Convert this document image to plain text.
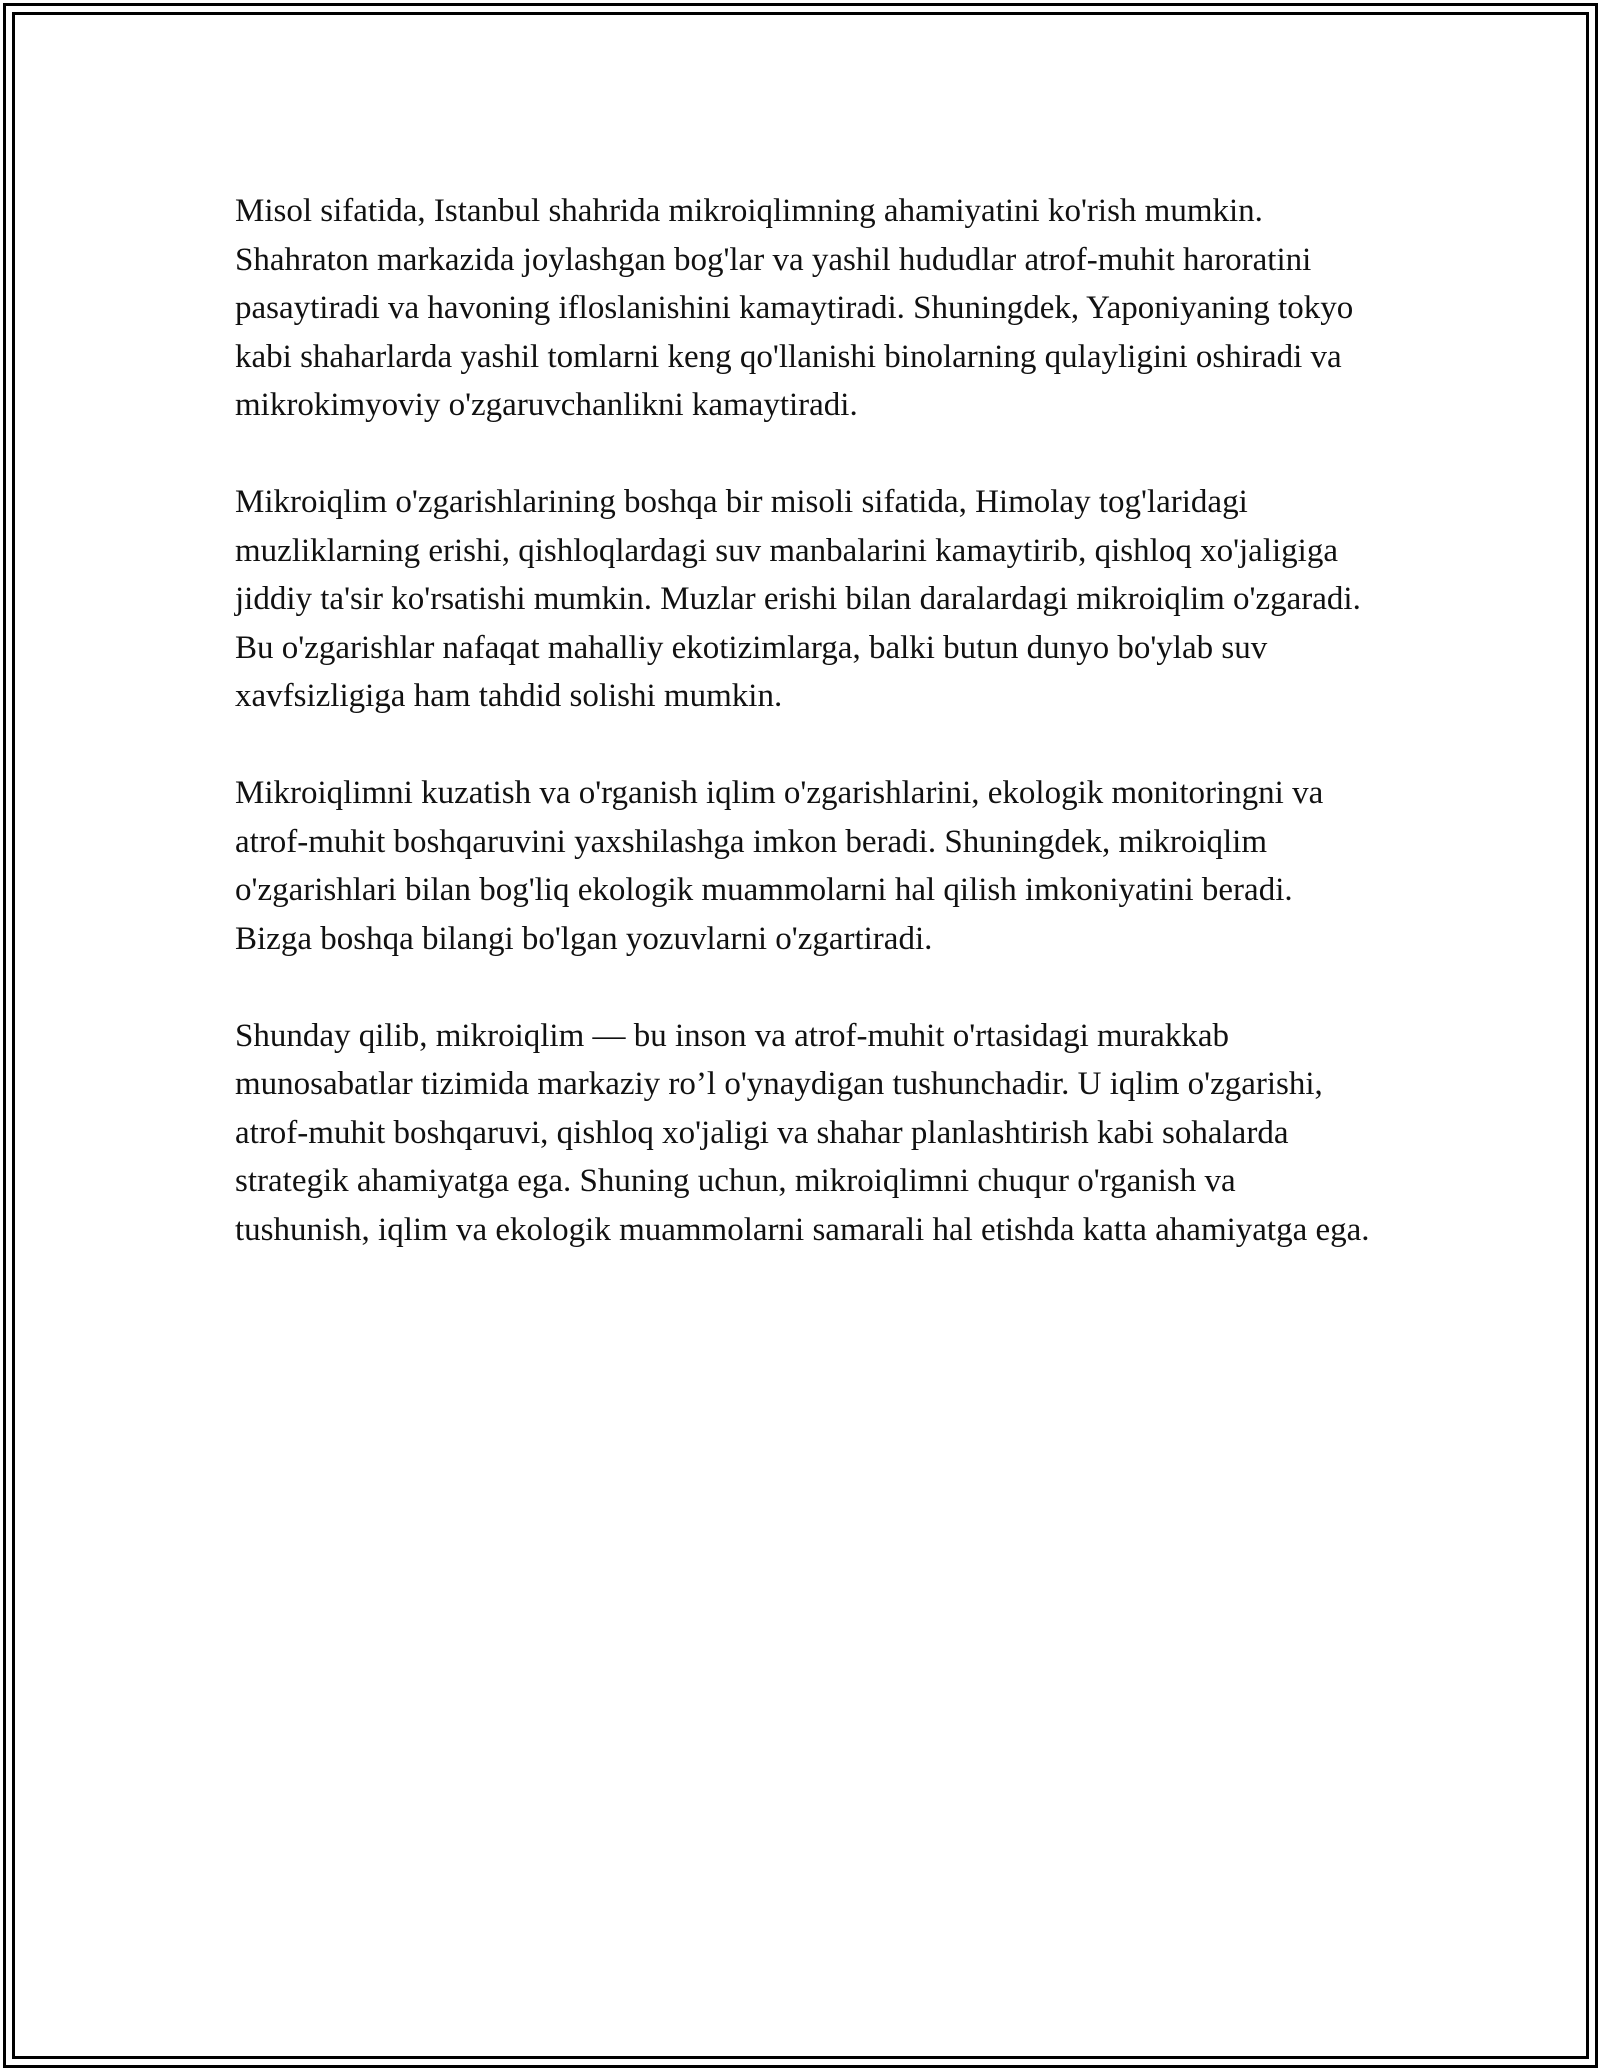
Misol sifatida, Istanbul shahrida mikroiqlimning ahamiyatini ko'rish mumkin. Shahraton markazida joylashgan bog'lar va yashil hududlar atrof-muhit haroratini pasaytiradi va havoning ifloslanishini kamaytiradi. Shuningdek, Yaponiyaning tokyo kabi shaharlarda yashil tomlarni keng qo'llanishi binolarning qulayligini oshiradi va mikrokimyoviy o'zgaruvchanlikni kamaytiradi.

Mikroiqlim o'zgarishlarining boshqa bir misoli sifatida, Himolay tog'laridagi muzliklarning erishi, qishloqlardagi suv manbalarini kamaytirib, qishloq xo'jaligiga jiddiy ta'sir ko'rsatishi mumkin. Muzlar erishi bilan daralardagi mikroiqlim o'zgaradi. Bu o'zgarishlar nafaqat mahalliy ekotizimlarga, balki butun dunyo bo'ylab suv xavfsizligiga ham tahdid solishi mumkin.

Mikroiqlimni kuzatish va o'rganish iqlim o'zgarishlarini, ekologik monitoringni va atrof-muhit boshqaruvini yaxshilashga imkon beradi. Shuningdek, mikroiqlim o'zgarishlari bilan bog'liq ekologik muammolarni hal qilish imkoniyatini beradi. Bizga boshqa bilangi bo'lgan yozuvlarni o'zgartiradi.

Shunday qilib, mikroiqlim — bu inson va atrof-muhit o'rtasidagi murakkab munosabatlar tizimida markaziy ro’l o'ynaydigan tushunchadir. U iqlim o'zgarishi, atrof-muhit boshqaruvi, qishloq xo'jaligi va shahar planlashtirish kabi sohalarda strategik ahamiyatga ega. Shuning uchun, mikroiqlimni chuqur o'rganish va tushunish, iqlim va ekologik muammolarni samarali hal etishda katta ahamiyatga ega.
